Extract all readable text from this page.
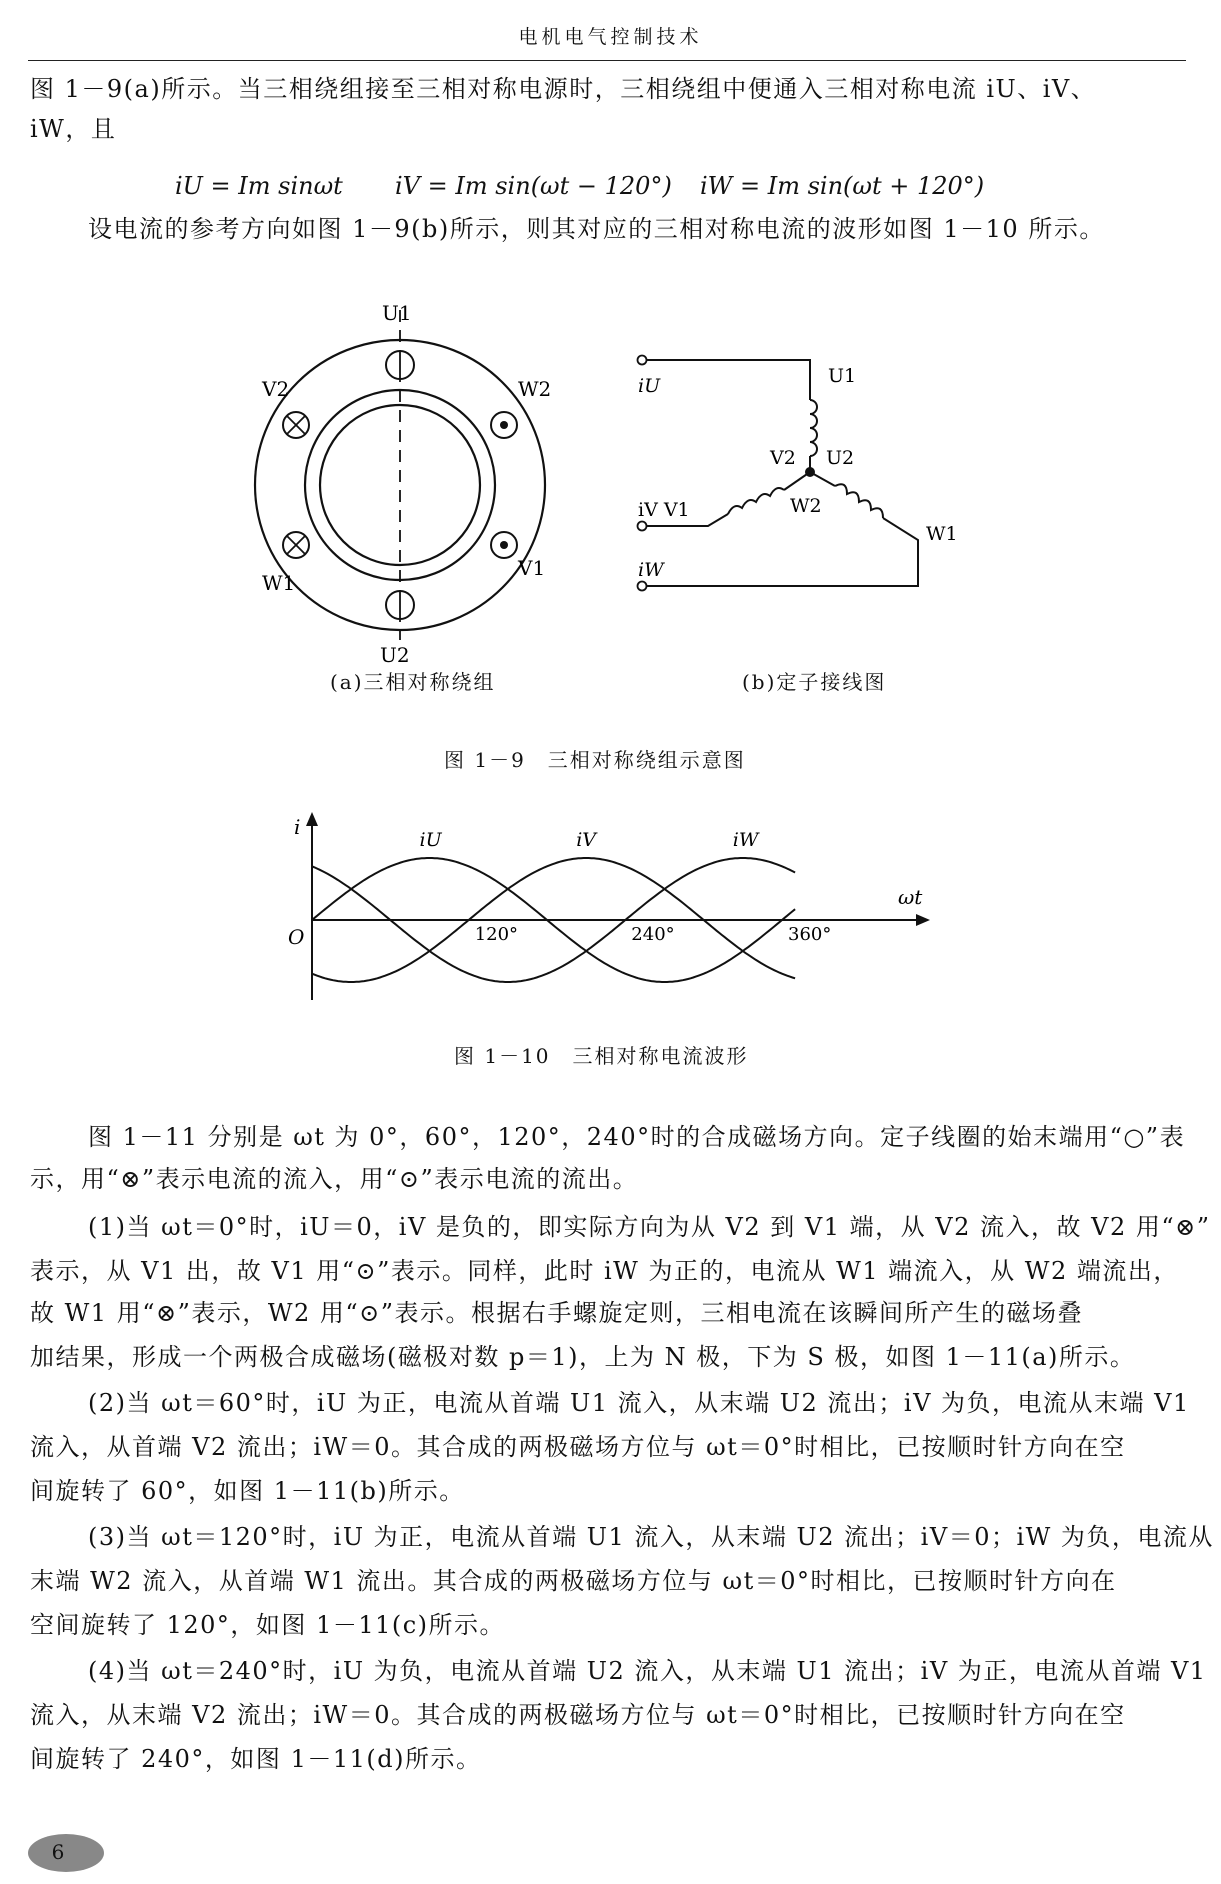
电机电气控制技术
图 1－9(a)所示。当三相绕组接至三相对称电源时，三相绕组中便通入三相对称电流 iU、iV、
iW，且
iU = Im sinωt iV = Im sin(ωt − 120°) iW = Im sin(ωt + 120°)
设电流的参考方向如图 1－9(b)所示，则其对应的三相对称电流的波形如图 1－10 所示。
U1
U2
V2	W2
W1
V1
(a)三相对称绕组
iU
iV V1
iW
U1
V2 U2
W2
W1
(b)定子接线图
图 1－9　三相对称绕组示意图
i
ωt
O
iU	iV	iW
120°	240°	360°
图 1－10　三相对称电流波形
图 1－11 分别是 ωt 为 0°，60°，120°，240°时的合成磁场方向。定子线圈的始末端用“○”表
示，用“⊗”表示电流的流入，用“⊙”表示电流的流出。
(1)当 ωt＝0°时，iU＝0，iV 是负的，即实际方向为从 V2 到 V1 端，从 V2 流入，故 V2 用“⊗”
表示，从 V1 出，故 V1 用“⊙”表示。同样，此时 iW 为正的，电流从 W1 端流入，从 W2 端流出，
故 W1 用“⊗”表示，W2 用“⊙”表示。根据右手螺旋定则，三相电流在该瞬间所产生的磁场叠
加结果，形成一个两极合成磁场(磁极对数 p＝1)，上为 N 极，下为 S 极，如图 1－11(a)所示。
(2)当 ωt＝60°时，iU 为正，电流从首端 U1 流入，从末端 U2 流出；iV 为负，电流从末端 V1
流入，从首端 V2 流出；iW＝0。其合成的两极磁场方位与 ωt＝0°时相比，已按顺时针方向在空
间旋转了 60°，如图 1－11(b)所示。
(3)当 ωt＝120°时，iU 为正，电流从首端 U1 流入，从末端 U2 流出；iV＝0；iW 为负，电流从
末端 W2 流入，从首端 W1 流出。其合成的两极磁场方位与 ωt＝0°时相比，已按顺时针方向在
空间旋转了 120°，如图 1－11(c)所示。
(4)当 ωt＝240°时，iU 为负，电流从首端 U2 流入，从末端 U1 流出；iV 为正，电流从首端 V1
流入，从末端 V2 流出；iW＝0。其合成的两极磁场方位与 ωt＝0°时相比，已按顺时针方向在空
间旋转了 240°，如图 1－11(d)所示。
6
